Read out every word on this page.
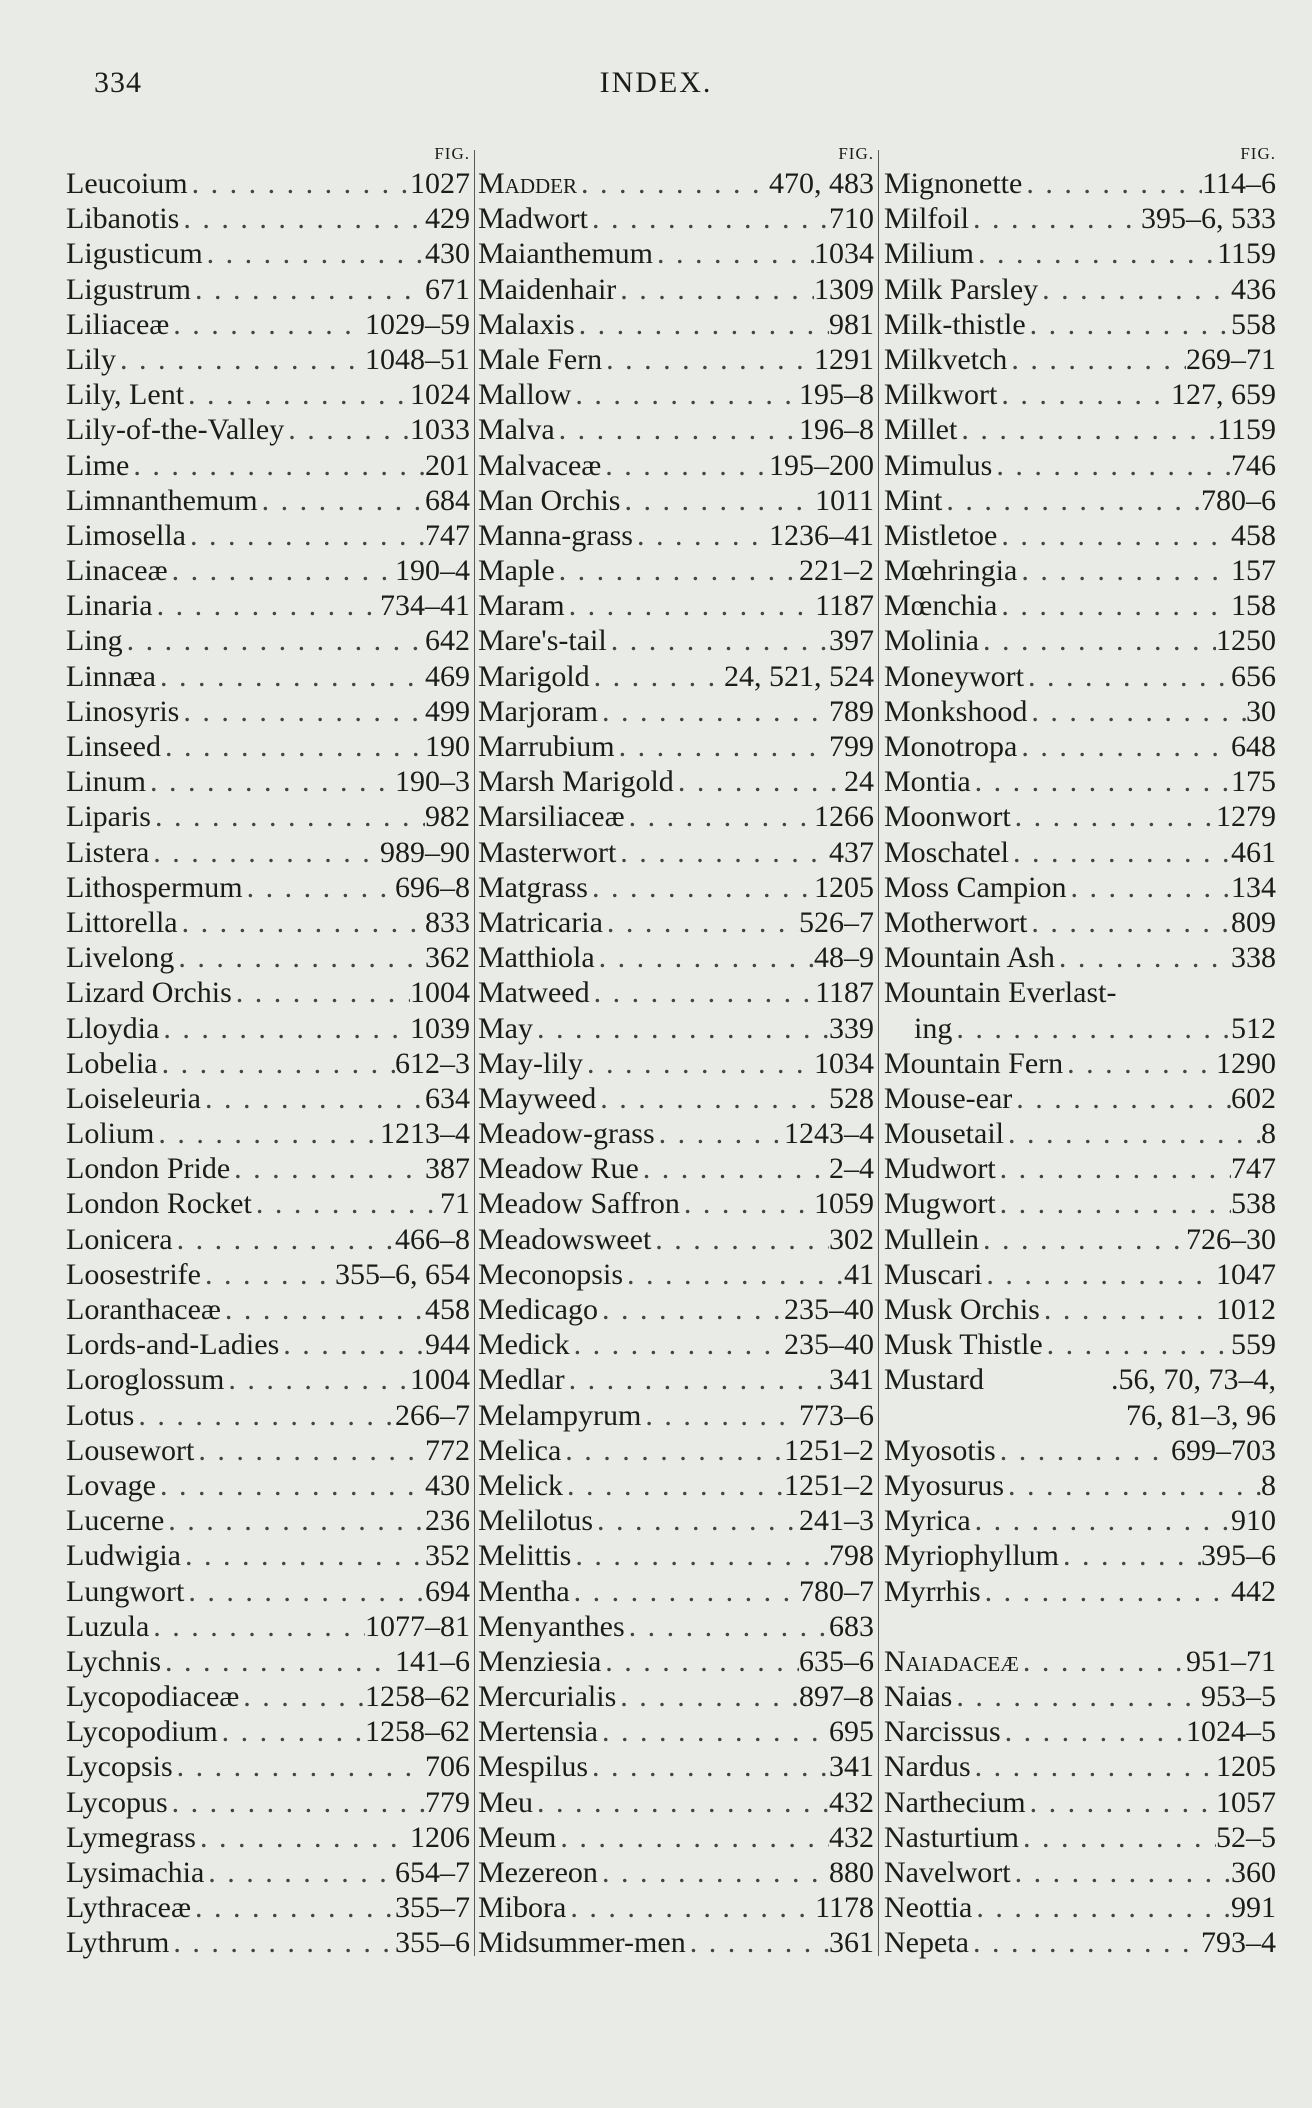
334	INDEX.
FIG.
Leucoium . . .	1027
Libanotis . . .	429
Ligusticum . . .	430
Ligustrum . . .	671
Liliaceæ . . .	1029–59
Lily . . .	1048–51
Lily, Lent . . .	1024
Lily-of-the-Valley . . .	1033
Lime . . .	201
Limnanthemum . . .	684
Limosella . . .	747
Linaceæ . . .	190–4
Linaria . . .	734–41
Ling . . .	642
Linnæa . . .	469
Linosyris . . .	499
Linseed . . .	190
Linum . . .	190–3
Liparis . . .	982
Listera . . .	989–90
Lithospermum . . .	696–8
Littorella . . .	833
Livelong . . .	362
Lizard Orchis . . .	1004
Lloydia . . .	1039
Lobelia . . .	612–3
Loiseleuria . . .	634
Lolium . . .	1213–4
London Pride . . .	387
London Rocket . . .	71
Lonicera . . .	466–8
Loosestrife . . .	355–6, 654
Loranthaceæ . . .	458
Lords-and-Ladies . . .	944
Loroglossum . . .	1004
Lotus . . .	266–7
Lousewort . . .	772
Lovage . . .	430
Lucerne . . .	236
Ludwigia . . .	352
Lungwort . . .	694
Luzula . . .	1077–81
Lychnis . . .	141–6
Lycopodiaceæ . . .	1258–62
Lycopodium . . .	1258–62
Lycopsis . . .	706
Lycopus . . .	779
Lymegrass . . .	1206
Lysimachia . . .	654–7
Lythraceæ . . .	355–7
Lythrum . . .	355–6
FIG.
Madder . . .	470, 483
Madwort . . .	710
Maianthemum . . .	1034
Maidenhair . . .	1309
Malaxis . . .	981
Male Fern . . .	1291
Mallow . . .	195–8
Malva . . .	196–8
Malvaceæ . . .	195–200
Man Orchis . . .	1011
Manna-grass . . .	1236–41
Maple . . .	221–2
Maram . . .	1187
Mare's-tail . . .	397
Marigold . . .	24, 521, 524
Marjoram . . .	789
Marrubium . . .	799
Marsh Marigold . . .	24
Marsiliaceæ . . .	1266
Masterwort . . .	437
Matgrass . . .	1205
Matricaria . . .	526–7
Matthiola . . .	48–9
Matweed . . .	1187
May . . .	339
May-lily . . .	1034
Mayweed . . .	528
Meadow-grass . . .	1243–4
Meadow Rue . . .	2–4
Meadow Saffron . . .	1059
Meadowsweet . . .	302
Meconopsis . . .	41
Medicago . . .	235–40
Medick . . .	235–40
Medlar . . .	341
Melampyrum . . .	773–6
Melica . . .	1251–2
Melick . . .	1251–2
Melilotus . . .	241–3
Melittis . . .	798
Mentha . . .	780–7
Menyanthes . . .	683
Menziesia . . .	635–6
Mercurialis . . .	897–8
Mertensia . . .	695
Mespilus . . .	341
Meu . . .	432
Meum . . .	432
Mezereon . . .	880
Mibora . . .	1178
Midsummer-men . . .	361
FIG.
Mignonette . . .	114–6
Milfoil . . .	395–6, 533
Milium . . .	1159
Milk Parsley . . .	436
Milk-thistle . . .	558
Milkvetch . . .	269–71
Milkwort . . .	127, 659
Millet . . .	1159
Mimulus . . .	746
Mint . . .	780–6
Mistletoe . . .	458
Mœhringia . . .	157
Mœnchia . . .	158
Molinia . . .	1250
Moneywort . . .	656
Monkshood . . .	30
Monotropa . . .	648
Montia . . .	175
Moonwort . . .	1279
Moschatel . . .	461
Moss Campion . . .	134
Motherwort . . .	809
Mountain Ash . . .	338
Mountain Everlast-
ing . . .	512
Mountain Fern . . .	1290
Mouse-ear . . .	602
Mousetail . . .	8
Mudwort . . .	747
Mugwort . . .	538
Mullein . . .	726–30
Muscari . . .	1047
Musk Orchis . . .	1012
Musk Thistle . . .	559
Mustard	.56, 70, 73–4,
76, 81–3, 96
Myosotis . . .	699–703
Myosurus . . .	8
Myrica . . .	910
Myriophyllum . . .	395–6
Myrrhis . . .	442
Naiadaceæ . . .	951–71
Naias . . .	953–5
Narcissus . . .	1024–5
Nardus . . .	1205
Narthecium . . .	1057
Nasturtium . . .	52–5
Navelwort . . .	360
Neottia . . .	991
Nepeta . . .	793–4
